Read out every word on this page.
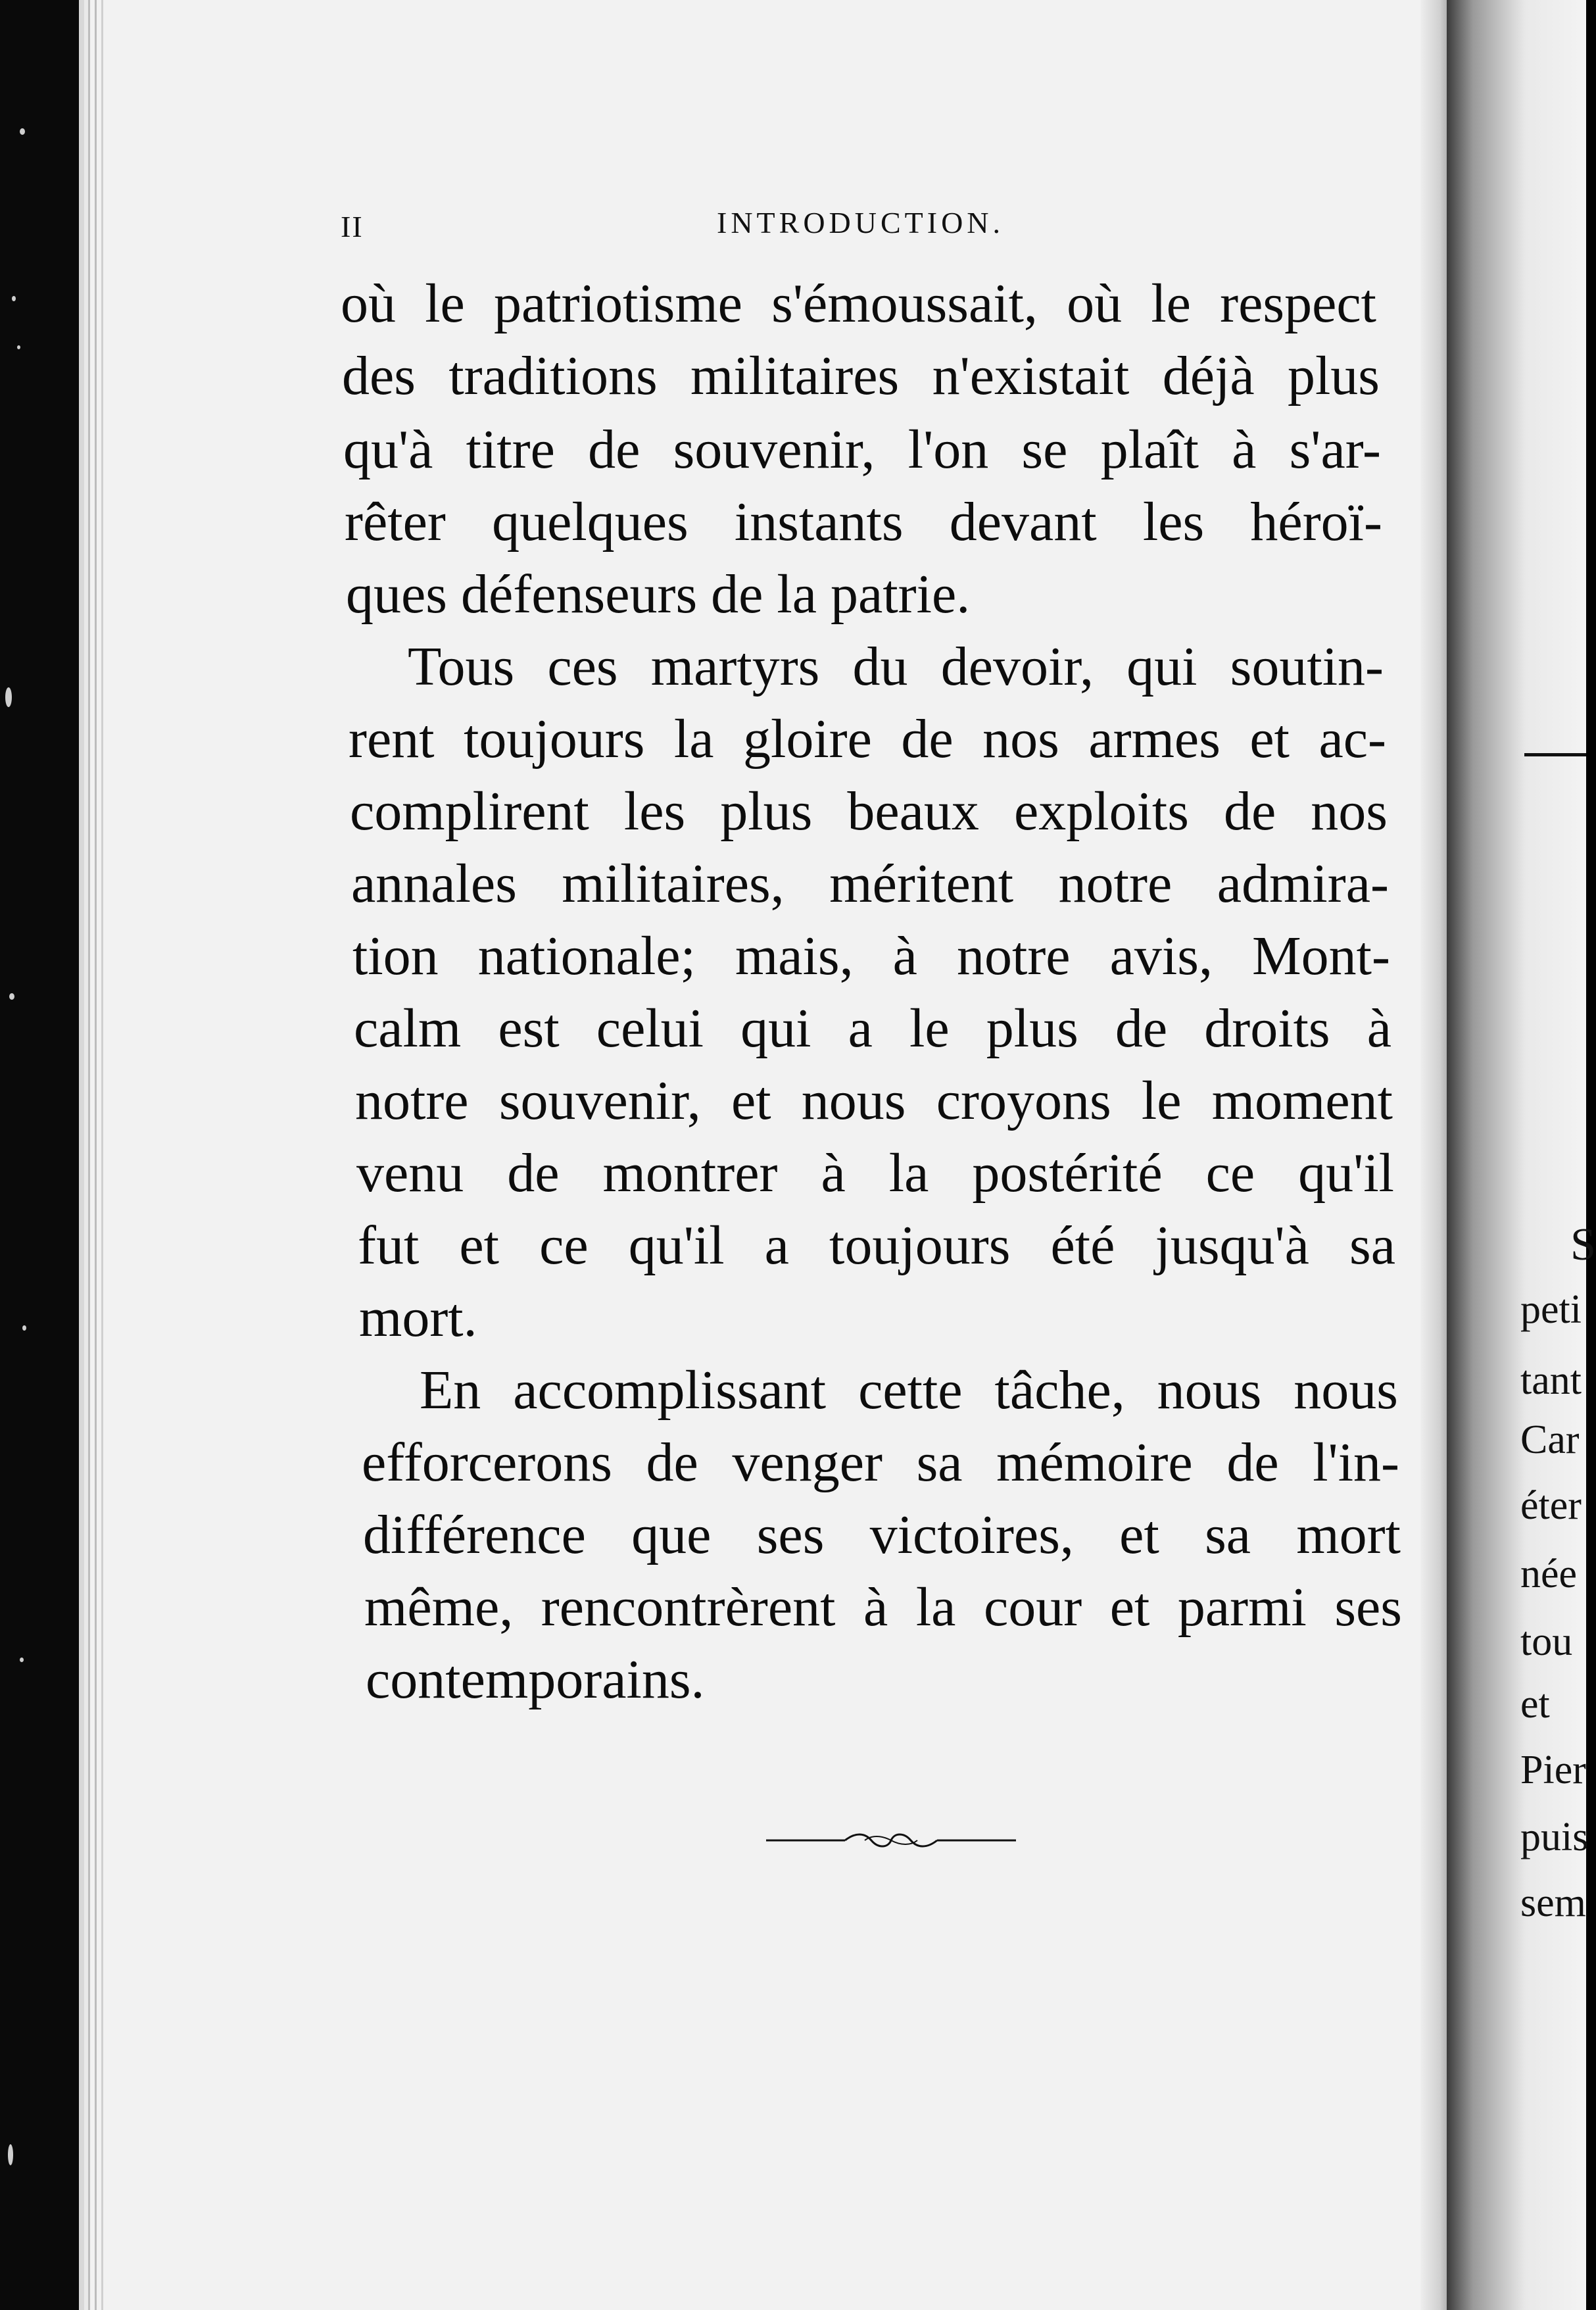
S
peti
tant
Car
éter
née
tou
et
Pier
puis
sem
II	INTRODUCTION.
où le patriotisme s'émoussait, où le respect
des traditions militaires n'existait déjà plus
qu'à titre de souvenir, l'on se plaît à s'ar-
rêter quelques instants devant les héroï-
ques défenseurs de la patrie.
Tous ces martyrs du devoir, qui soutin-
rent toujours la gloire de nos armes et ac-
complirent les plus beaux exploits de nos
annales militaires, méritent notre admira-
tion nationale; mais, à notre avis, Mont-
calm est celui qui a le plus de droits à
notre souvenir, et nous croyons le moment
venu de montrer à la postérité ce qu'il
fut et ce qu'il a toujours été jusqu'à sa
mort.
En accomplissant cette tâche, nous nous
efforcerons de venger sa mémoire de l'in-
différence que ses victoires, et sa mort
même, rencontrèrent à la cour et parmi ses
contemporains.
